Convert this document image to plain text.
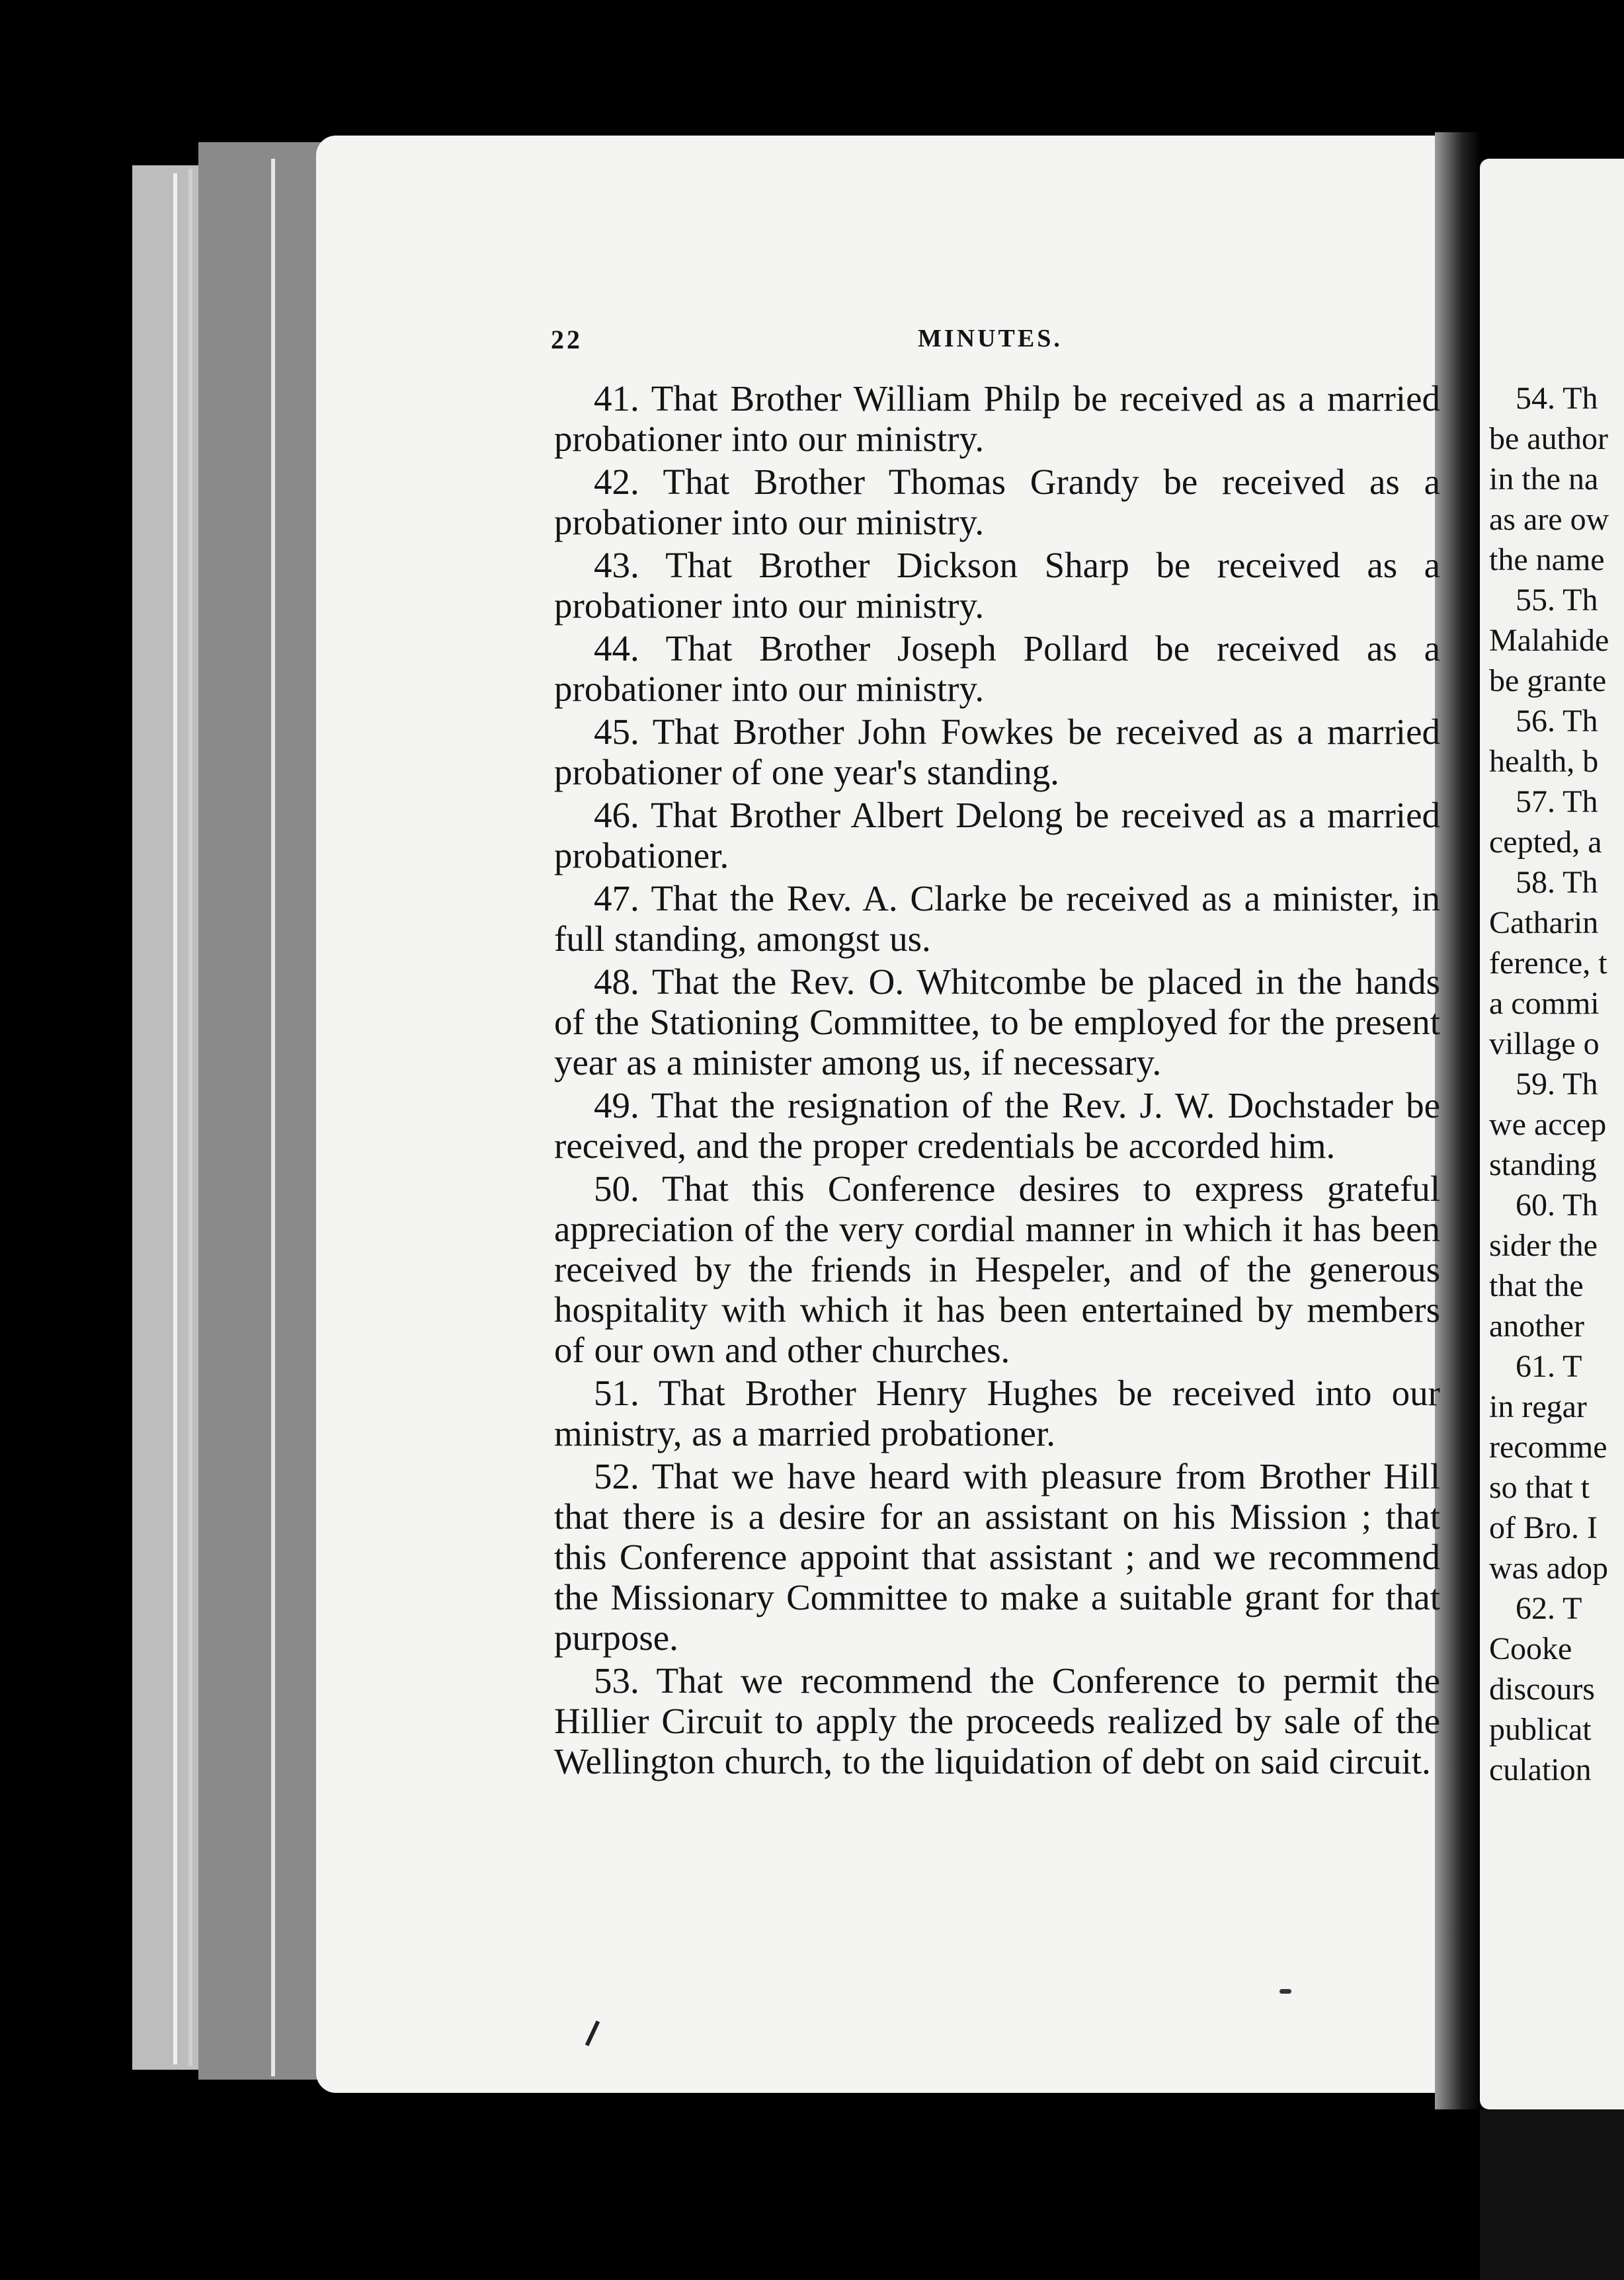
22	MINUTES.

41. That Brother William Philp be received as a married probationer into our ministry.

42. That Brother Thomas Grandy be received as a probationer into our ministry.

43. That Brother Dickson Sharp be received as a probationer into our ministry.

44. That Brother Joseph Pollard be received as a probationer into our ministry.

45. That Brother John Fowkes be received as a married probationer of one year's standing.

46. That Brother Albert Delong be received as a married probationer.

47. That the Rev. A. Clarke be received as a minister, in full standing, amongst us.

48. That the Rev. O. Whitcombe be placed in the hands of the Stationing Committee, to be employed for the present year as a minister among us, if necessary.

49. That the resignation of the Rev. J. W. Dochstader be received, and the proper credentials be accorded him.

50. That this Conference desires to express grateful appreciation of the very cordial manner in which it has been received by the friends in Hespeler, and of the generous hospitality with which it has been entertained by members of our own and other churches.

51. That Brother Henry Hughes be received into our ministry, as a married probationer.

52. That we have heard with pleasure from Brother Hill that there is a desire for an assistant on his Mission ; that this Conference appoint that assistant ; and we recommend the Missionary Committee to make a suitable grant for that purpose.

53. That we recommend the Conference to permit the Hillier Circuit to apply the proceeds realized by sale of the Wellington church, to the liquidation of debt on said circuit.

54. Th
be author
in the na
as are ow
the name
55. Th
Malahide
be grante
56. Th
health, b
57. Th
cepted, a
58. Th
Catharin
ference, t
a commi
village o
59. Th
we accep
standing
60. Th
sider the
that the
another
61. T
in regar
recomme
so that t
of Bro. I
was adop
62. T
Cooke
discours
publicat
culation
